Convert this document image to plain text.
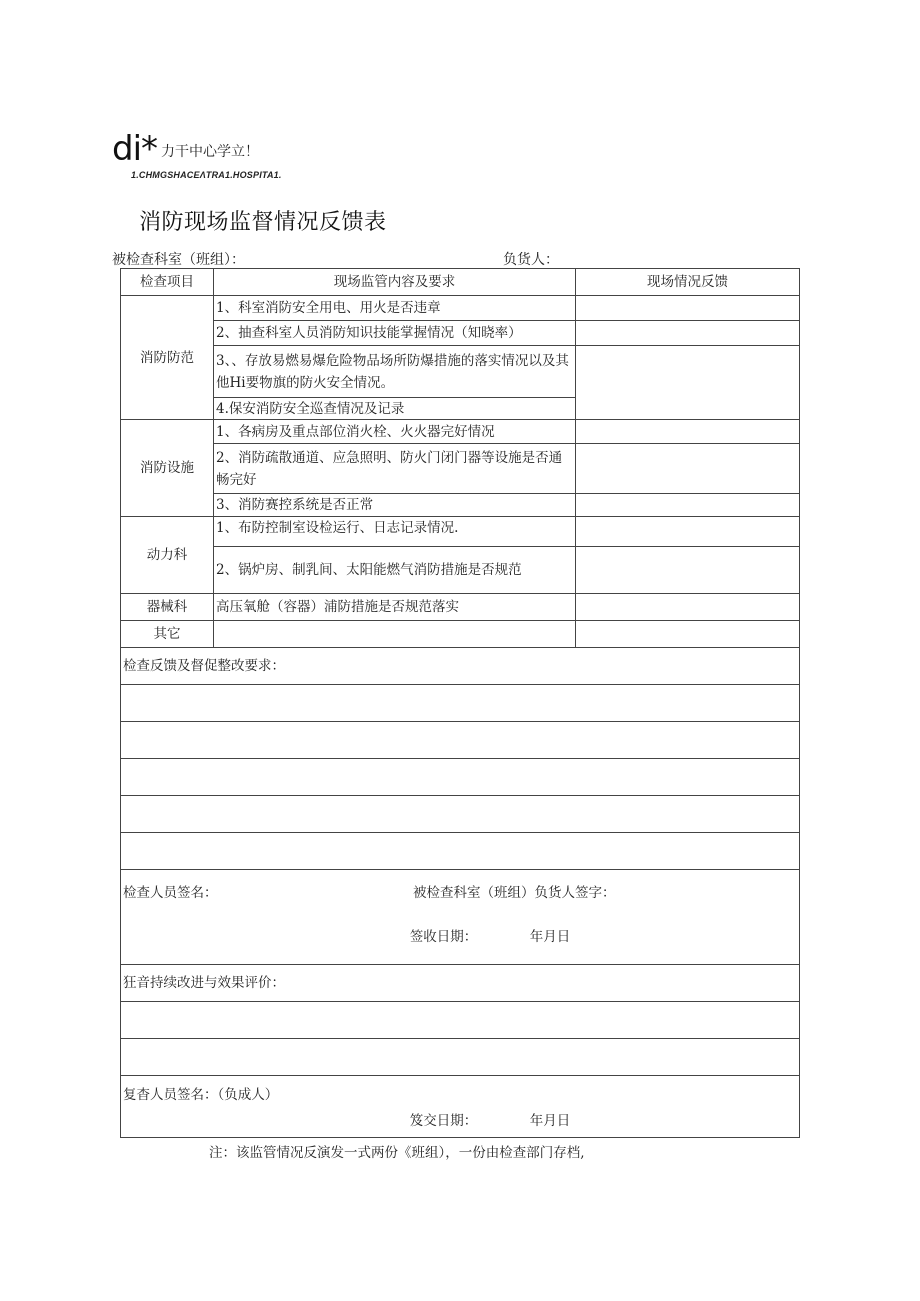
di* 力干中心学立！
1.CHMGSHACEΛTRA1.HOSPITA1.
消防现场监督情况反馈表
被检查科室（班组）：	负货人：
检查项目	现场监管内容及要求	现场情况反馈
消防防范	1、科室消防安全用电、用火是否违章	
	2、抽查科室人员消防知识技能掌握情况（知晓率）	
	3、、存放易燃易爆危险物品场所防爆措施的落实情况以及其他Hi要物旗的防火安全情况。	
	4.保安消防安全巡查情况及记录	
消防设施	1、各病房及重点部位消火栓、火火器完好情况	
	2、消防疏散通道、应急照明、防火门闭门器等设施是否通畅完好	
	3、消防赛控系统是否正常	
动力科	1、布防控制室设检运行、日志记录情况.	
	2、锅炉房、制乳间、太阳能燃气消防措施是否规范	
器械科	高压氧舱（容器）浦防措施是否规范落实	
其它		
检查反馈及督促整改要求：		

检查人员签名： 被检查科室（班组）负货人签字：
签收日期： 年月日		

狂音持续改进与效果评价：		

复杳人员签名：（负成人）
笈交日期： 年月日		
注：该监管情况反演发一式两份《班组），一份由检查部门存档,
